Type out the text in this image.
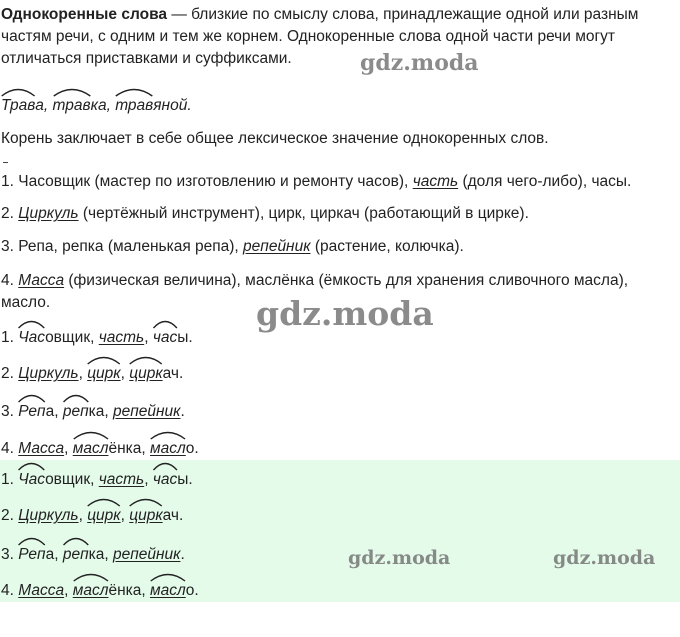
Однокоренные слова — близкие по смыслу слова, принадлежащие одной или разным частям речи, с одним и тем же корнем. Однокоренные слова одной части речи могут отличаться приставками и суффиксами.
Трава, травка, травяной.
Корень заключает в себе общее лексическое значение однокоренных слов.
1. Часовщик (мастер по изготовлению и ремонту часов), часть (доля чего-либо), часы.
2. Циркуль (чертёжный инструмент), цирк, циркач (работающий в цирке).
3. Репа, репка (маленькая репа), репейник (растение, колючка).
4. Масса (физическая величина), маслёнка (ёмкость для хранения сливочного масла), масло.
1. Часовщик, часть, часы.
2. Циркуль, цирк, циркач.
3. Репа, репка, репейник.
4. Масса, маслёнка, масло.
1. Часовщик, часть, часы.
2. Циркуль, цирк, циркач.
3. Репа, репка, репейник.
4. Масса, маслёнка, масло.
gdz.moda
gdz.moda
gdz.moda	gdz.moda
